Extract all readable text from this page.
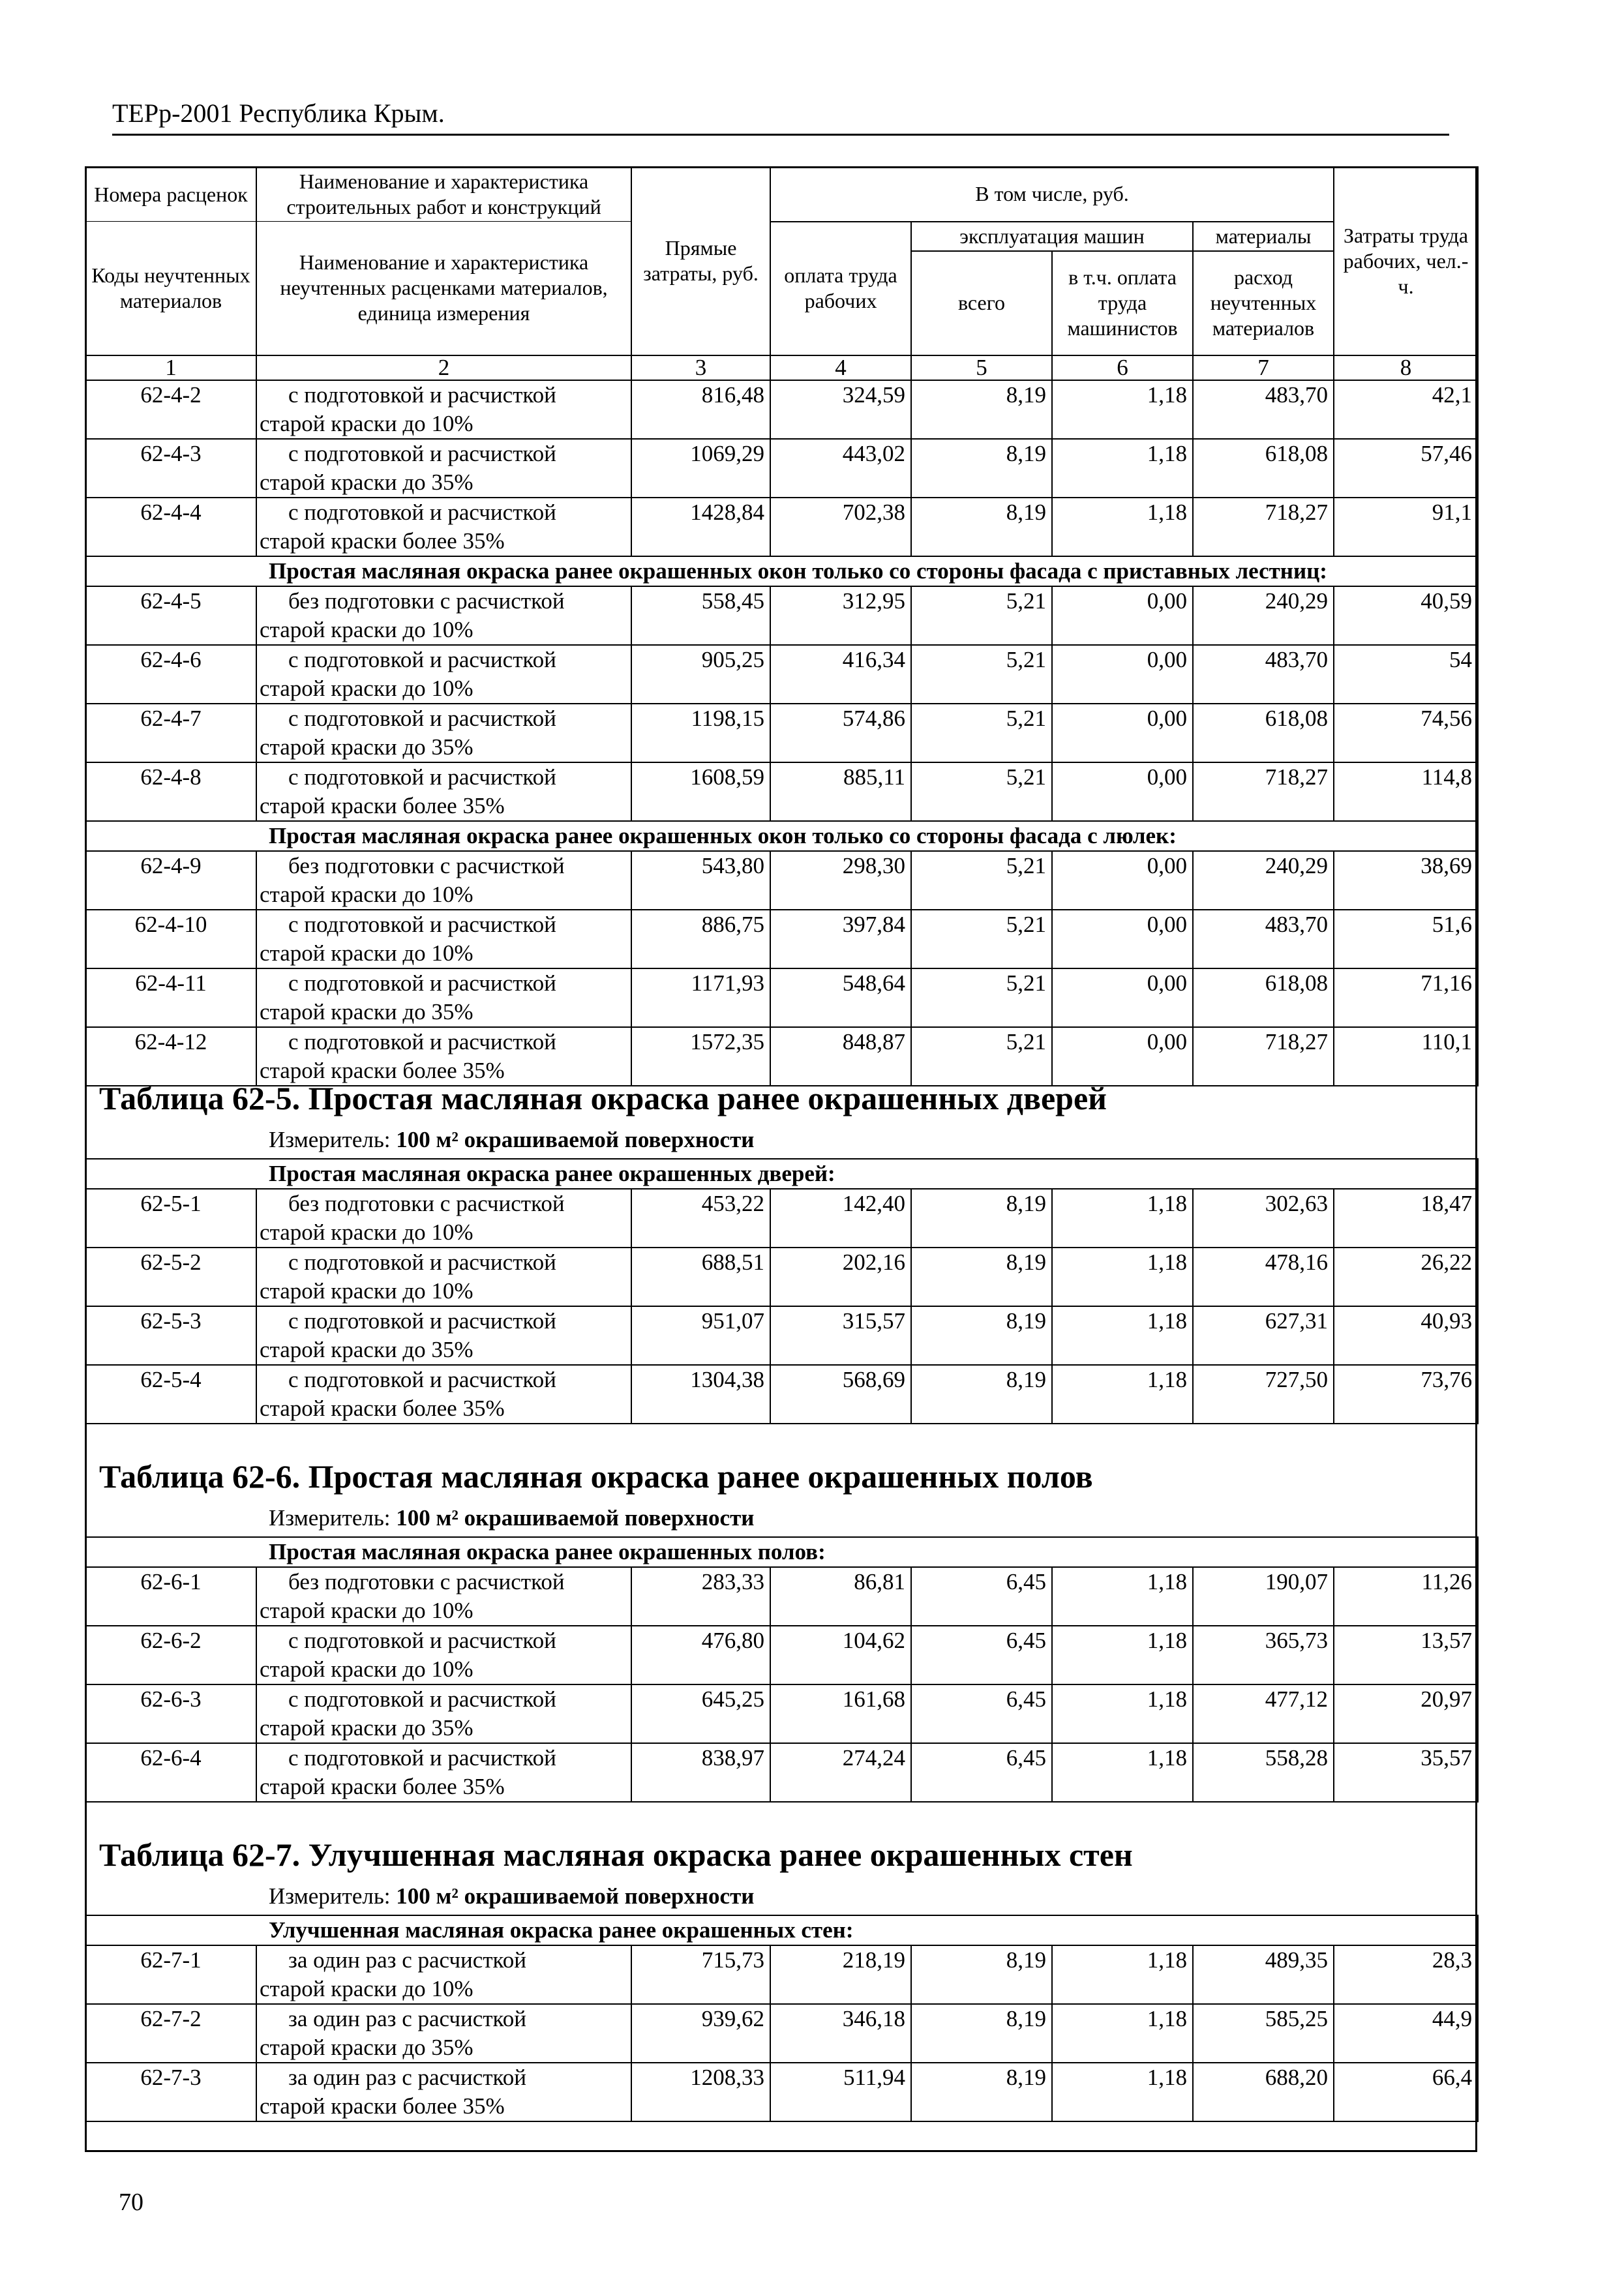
ТЕРр-2001 Республика Крым.
Номера расценок	Наименование и характеристика строительных работ и конструкций	Прямые затраты, руб.	В том числе, руб.				Затраты труда рабочих, чел.-ч.
Коды неучтенных материалов	Наименование и характеристика неучтенных расценками материалов, единица измерения		оплата труда рабочих	эксплуатация машин		материалы	
				всего	в т.ч. оплата труда машинистов	расход неучтенных материалов	
1	2	3	4	5	6	7	8
62-4-2	с подготовкой и расчисткой
старой краски до 10%	816,48	324,59	8,19	1,18	483,70	42,1
62-4-3	с подготовкой и расчисткой
старой краски до 35%	1069,29	443,02	8,19	1,18	618,08	57,46
62-4-4	с подготовкой и расчисткой
старой краски более 35%	1428,84	702,38	8,19	1,18	718,27	91,1
Простая масляная окраска ранее окрашенных окон только со стороны фасада с приставных лестниц:							
62-4-5	без подготовки с расчисткой
старой краски до 10%	558,45	312,95	5,21	0,00	240,29	40,59
62-4-6	с подготовкой и расчисткой
старой краски до 10%	905,25	416,34	5,21	0,00	483,70	54
62-4-7	с подготовкой и расчисткой
старой краски до 35%	1198,15	574,86	5,21	0,00	618,08	74,56
62-4-8	с подготовкой и расчисткой
старой краски более 35%	1608,59	885,11	5,21	0,00	718,27	114,8
Простая масляная окраска ранее окрашенных окон только со стороны фасада с люлек:							
62-4-9	без подготовки с расчисткой
старой краски до 10%	543,80	298,30	5,21	0,00	240,29	38,69
62-4-10	с подготовкой и расчисткой
старой краски до 10%	886,75	397,84	5,21	0,00	483,70	51,6
62-4-11	с подготовкой и расчисткой
старой краски до 35%	1171,93	548,64	5,21	0,00	618,08	71,16
62-4-12	с подготовкой и расчисткой
старой краски более 35%	1572,35	848,87	5,21	0,00	718,27	110,1
Таблица 62-5. Простая масляная окраска ранее окрашенных дверей
Измеритель: 100 м² окрашиваемой поверхности
Простая масляная окраска ранее окрашенных дверей:							
62-5-1	без подготовки с расчисткой
старой краски до 10%	453,22	142,40	8,19	1,18	302,63	18,47
62-5-2	с подготовкой и расчисткой
старой краски до 10%	688,51	202,16	8,19	1,18	478,16	26,22
62-5-3	с подготовкой и расчисткой
старой краски до 35%	951,07	315,57	8,19	1,18	627,31	40,93
62-5-4	с подготовкой и расчисткой
старой краски более 35%	1304,38	568,69	8,19	1,18	727,50	73,76
Таблица 62-6. Простая масляная окраска ранее окрашенных полов
Измеритель: 100 м² окрашиваемой поверхности
Простая масляная окраска ранее окрашенных полов:							
62-6-1	без подготовки с расчисткой
старой краски до 10%	283,33	86,81	6,45	1,18	190,07	11,26
62-6-2	с подготовкой и расчисткой
старой краски до 10%	476,80	104,62	6,45	1,18	365,73	13,57
62-6-3	с подготовкой и расчисткой
старой краски до 35%	645,25	161,68	6,45	1,18	477,12	20,97
62-6-4	с подготовкой и расчисткой
старой краски более 35%	838,97	274,24	6,45	1,18	558,28	35,57
Таблица 62-7. Улучшенная масляная окраска ранее окрашенных стен
Измеритель: 100 м² окрашиваемой поверхности
Улучшенная масляная окраска ранее окрашенных стен:							
62-7-1	за один раз с расчисткой
старой краски до 10%	715,73	218,19	8,19	1,18	489,35	28,3
62-7-2	за один раз с расчисткой
старой краски до 35%	939,62	346,18	8,19	1,18	585,25	44,9
62-7-3	за один раз с расчисткой
старой краски более 35%	1208,33	511,94	8,19	1,18	688,20	66,4
70
